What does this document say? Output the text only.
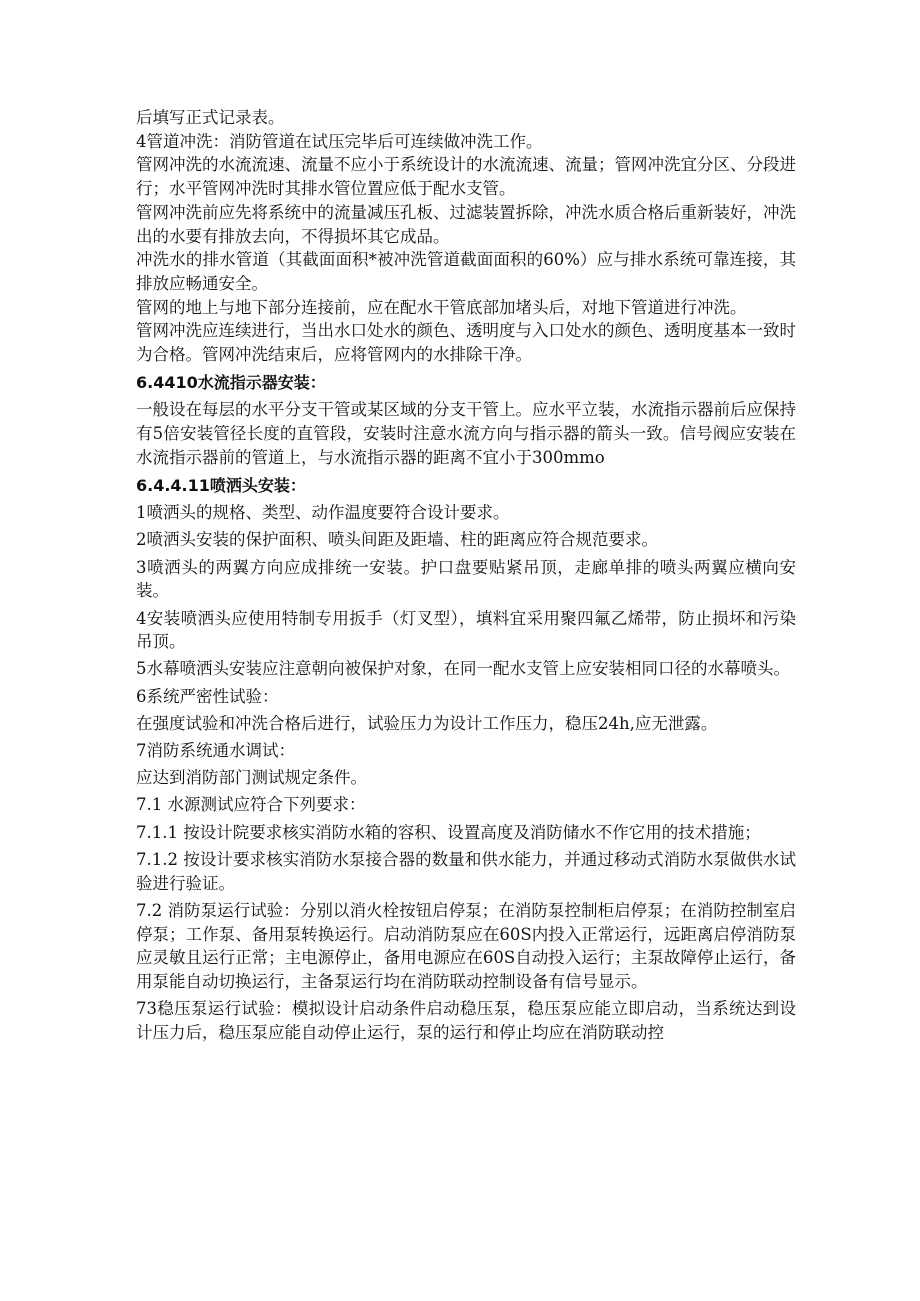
后填写正式记录表。

4管道冲洗：消防管道在试压完毕后可连续做冲洗工作。

管网冲洗的水流流速、流量不应小于系统设计的水流流速、流量；管网冲洗宜分区、分段进行；水平管网冲洗时其排水管位置应低于配水支管。

管网冲洗前应先将系统中的流量减压孔板、过滤装置拆除，冲洗水质合格后重新装好，冲洗出的水要有排放去向，不得损坏其它成品。

冲洗水的排水管道（其截面面积*被冲洗管道截面面积的60%）应与排水系统可靠连接，其排放应畅通安全。

管网的地上与地下部分连接前，应在配水干管底部加堵头后，对地下管道进行冲洗。

管网冲洗应连续进行，当出水口处水的颜色、透明度与入口处水的颜色、透明度基本一致时为合格。管网冲洗结束后，应将管网内的水排除干净。

6.4410水流指示器安装：

一般设在每层的水平分支干管或某区域的分支干管上。应水平立装，水流指示器前后应保持有5倍安装管径长度的直管段，安装时注意水流方向与指示器的箭头一致。信号阀应安装在水流指示器前的管道上，与水流指示器的距离不宜小于300mmo

6.4.4.11喷洒头安装：

1喷洒头的规格、类型、动作温度要符合设计要求。

2喷洒头安装的保护面积、喷头间距及距墙、柱的距离应符合规范要求。

3喷洒头的两翼方向应成排统一安装。护口盘要贴紧吊顶，走廊单排的喷头两翼应横向安装。

4安装喷洒头应使用特制专用扳手（灯叉型），填料宜采用聚四氟乙烯带，防止损坏和污染吊顶。

5水幕喷洒头安装应注意朝向被保护对象，在同一配水支管上应安装相同口径的水幕喷头。

6系统严密性试验：

在强度试验和冲洗合格后进行，试验压力为设计工作压力，稳压24h,应无泄露。

7消防系统通水调试：

应达到消防部门测试规定条件。

7.1 水源测试应符合下列要求：

7.1.1 按设计院要求核实消防水箱的容积、设置高度及消防储水不作它用的技术措施；

7.1.2 按设计要求核实消防水泵接合器的数量和供水能力，并通过移动式消防水泵做供水试验进行验证。

7.2 消防泵运行试验：分别以消火栓按钮启停泵；在消防泵控制柜启停泵；在消防控制室启停泵；工作泵、备用泵转换运行。启动消防泵应在60S内投入正常运行，远距离启停消防泵应灵敏且运行正常；主电源停止，备用电源应在60S自动投入运行；主泵故障停止运行，备用泵能自动切换运行，主备泵运行均在消防联动控制设备有信号显示。

73稳压泵运行试验：模拟设计启动条件启动稳压泵，稳压泵应能立即启动，当系统达到设计压力后，稳压泵应能自动停止运行，泵的运行和停止均应在消防联动控
